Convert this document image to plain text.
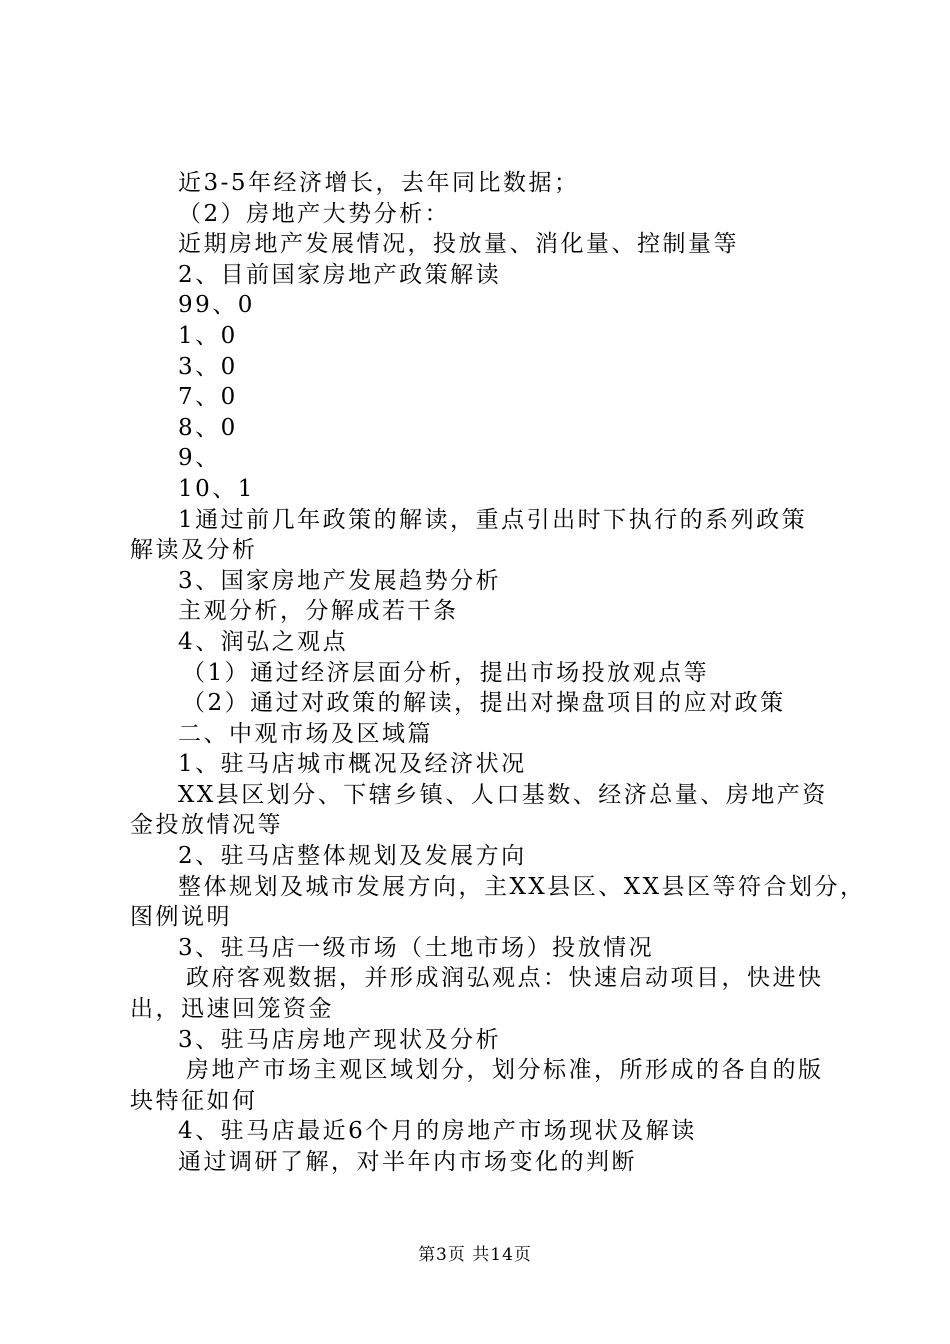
近3-5年经济增长，去年同比数据；
（2）房地产大势分析：
近期房地产发展情况，投放量、消化量、控制量等
2、目前国家房地产政策解读
99、0
1、0
3、0
7、0
8、0
9、
10、1
1通过前几年政策的解读，重点引出时下执行的系列政策
解读及分析
3、国家房地产发展趋势分析
主观分析，分解成若干条
4、润弘之观点
（1）通过经济层面分析，提出市场投放观点等
（2）通过对政策的解读，提出对操盘项目的应对政策
二、中观市场及区域篇
1、驻马店城市概况及经济状况
XX县区划分、下辖乡镇、人口基数、经济总量、房地产资
金投放情况等
2、驻马店整体规划及发展方向
整体规划及城市发展方向，主XX县区、XX县区等符合划分，
图例说明
3、驻马店一级市场（土地市场）投放情况
政府客观数据，并形成润弘观点：快速启动项目，快进快
出，迅速回笼资金
3、驻马店房地产现状及分析
房地产市场主观区域划分，划分标准，所形成的各自的版
块特征如何
4、驻马店最近6个月的房地产市场现状及解读
通过调研了解，对半年内市场变化的判断
第3页 共14页
